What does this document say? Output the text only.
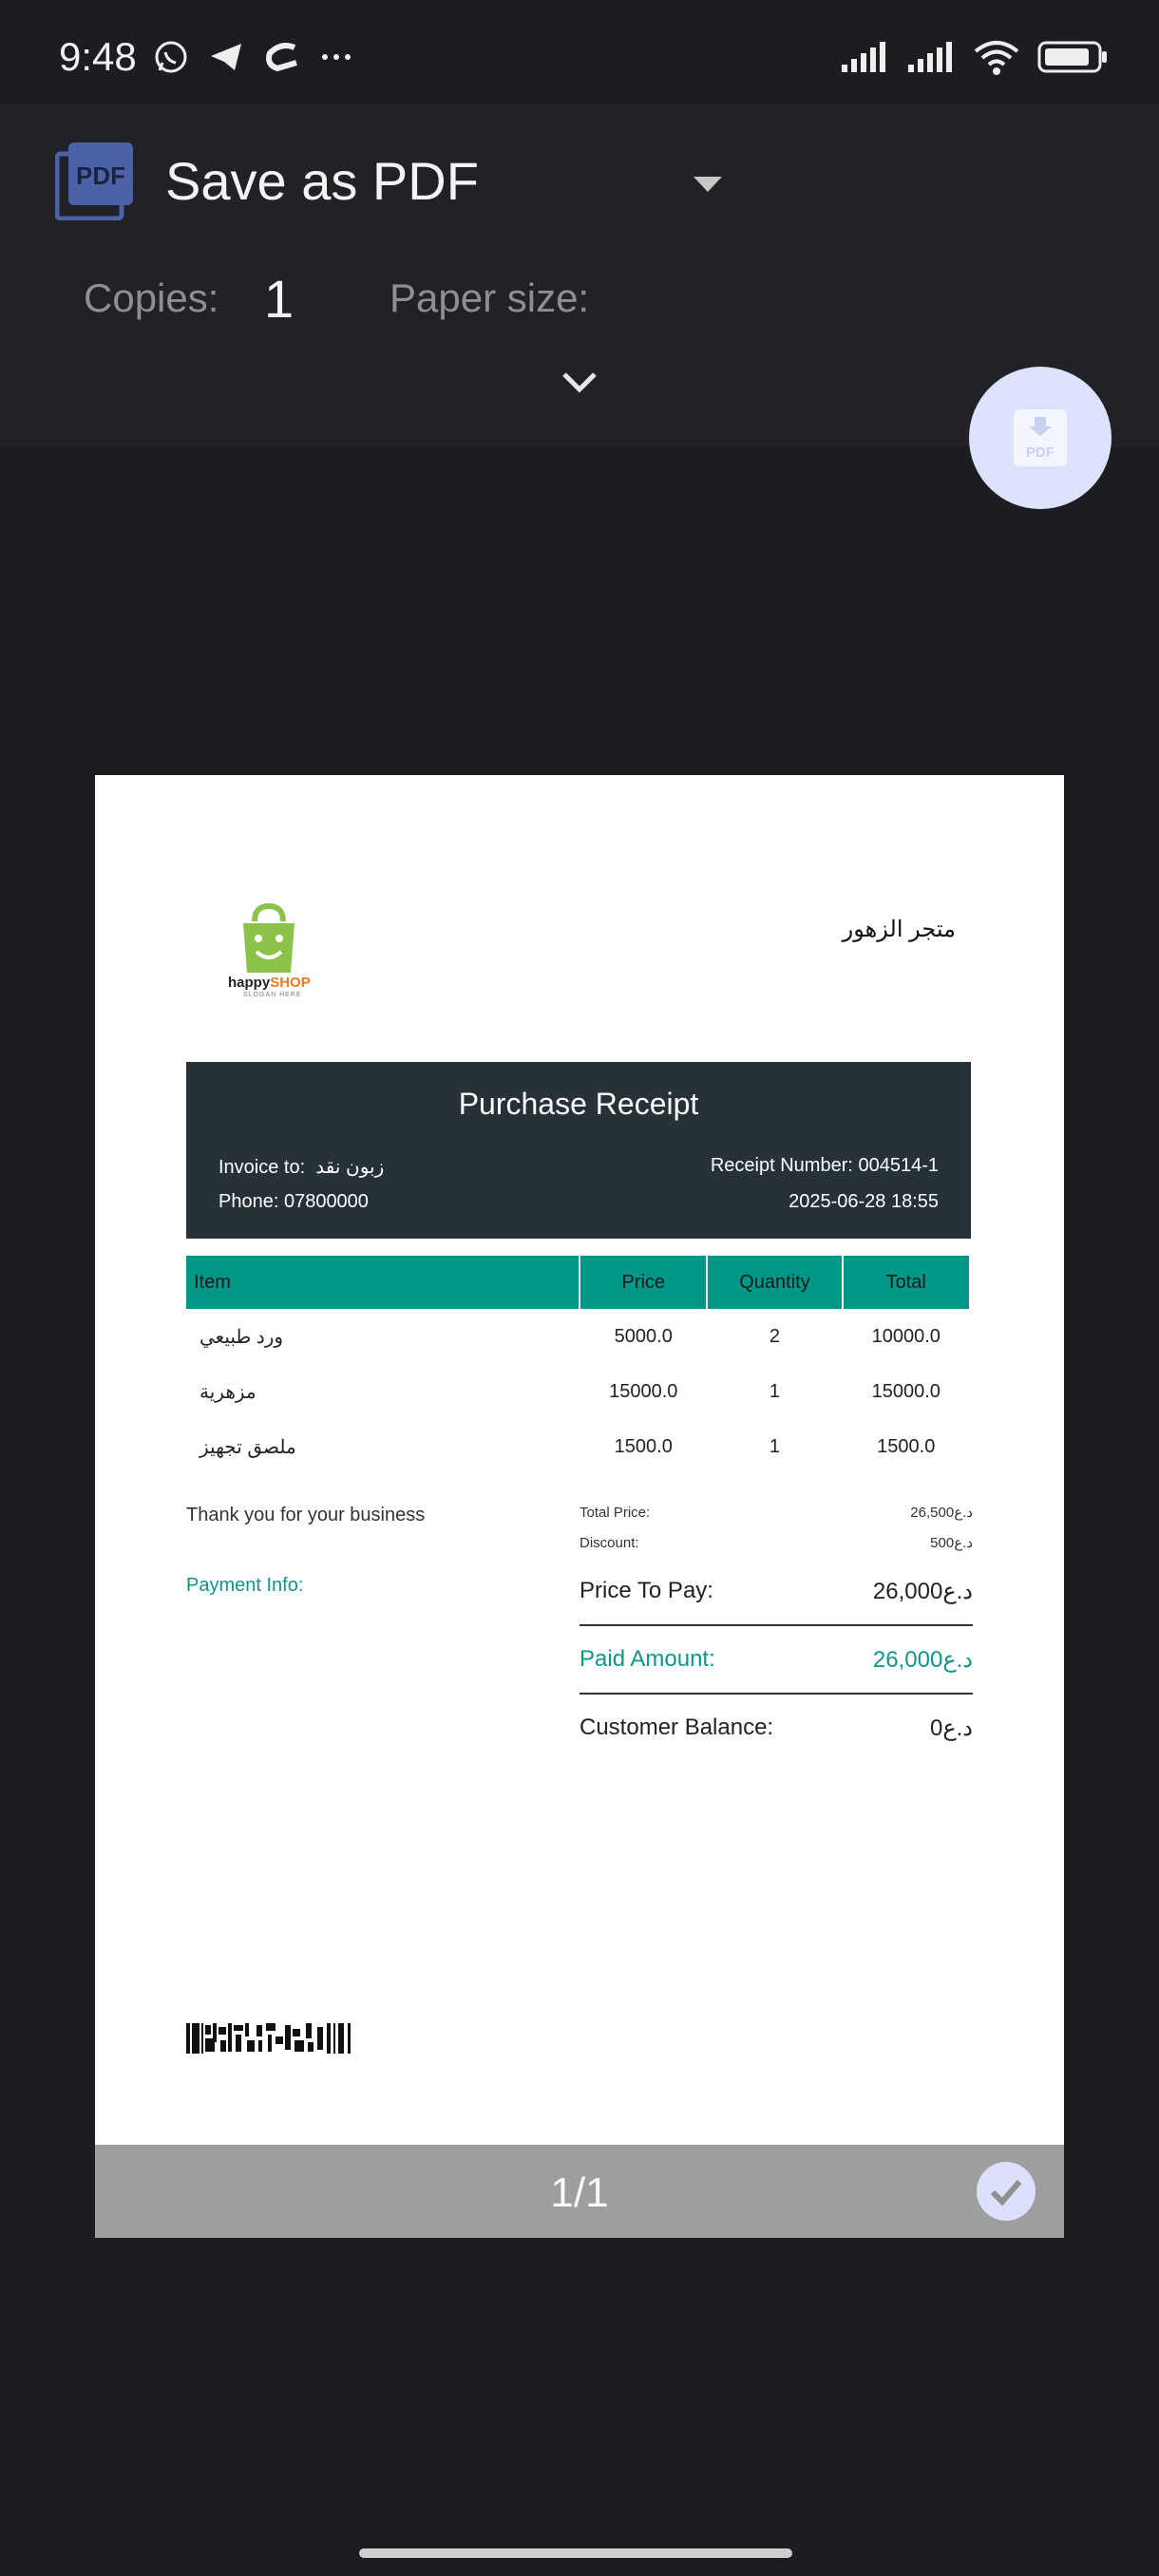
9:48
PDF Save as PDF
Copies: 1 Paper size:
PDF
happySHOP
SLOGAN HERE
متجر الزهور
Purchase Receipt
Invoice to: زبون نقد
Phone: 07800000
Receipt Number: 004514-1
2025-06-28 18:55
Item	Price	Quantity	Total
ورد طبيعي	5000.0	2	10000.0
مزهرية	15000.0	1	15000.0
ملصق تجهيز	1500.0	1	1500.0
Thank you for your business
Payment Info:
Total Price:	د.ع26,500
Discount:	د.ع500
Price To Pay:	د.ع26,000
Paid Amount:	د.ع26,000
Customer Balance:	د.ع0
1/1
